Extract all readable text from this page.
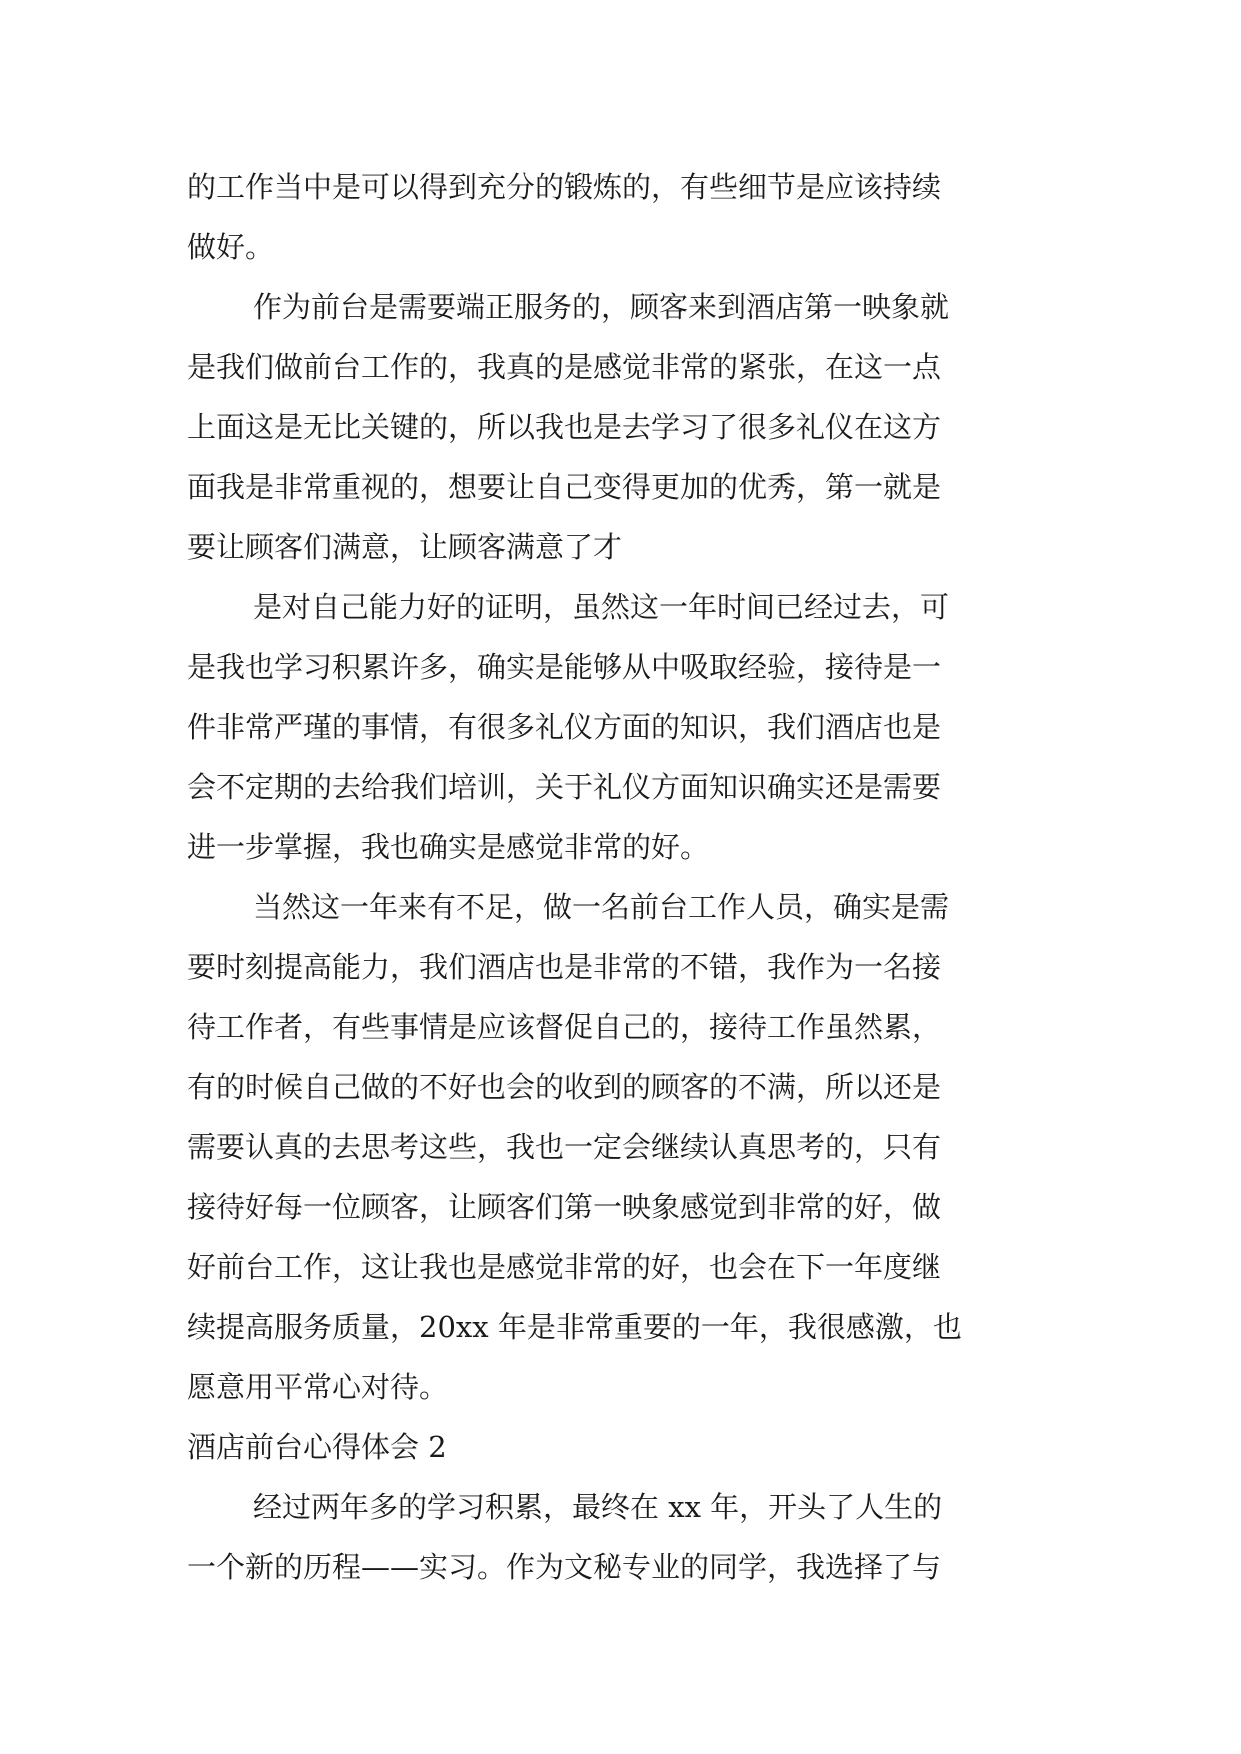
的工作当中是可以得到充分的锻炼的，有些细节是应该持续
做好。
作为前台是需要端正服务的，顾客来到酒店第一映象就
是我们做前台工作的，我真的是感觉非常的紧张，在这一点
上面这是无比关键的，所以我也是去学习了很多礼仪在这方
面我是非常重视的，想要让自己变得更加的优秀，第一就是
要让顾客们满意，让顾客满意了才
是对自己能力好的证明，虽然这一年时间已经过去，可
是我也学习积累许多，确实是能够从中吸取经验，接待是一
件非常严瑾的事情，有很多礼仪方面的知识，我们酒店也是
会不定期的去给我们培训，关于礼仪方面知识确实还是需要
进一步掌握，我也确实是感觉非常的好。
当然这一年来有不足，做一名前台工作人员，确实是需
要时刻提高能力，我们酒店也是非常的不错，我作为一名接
待工作者，有些事情是应该督促自己的，接待工作虽然累，
有的时候自己做的不好也会的收到的顾客的不满，所以还是
需要认真的去思考这些，我也一定会继续认真思考的，只有
接待好每一位顾客，让顾客们第一映象感觉到非常的好，做
好前台工作，这让我也是感觉非常的好，也会在下一年度继
续提高服务质量，20xx 年是非常重要的一年，我很感激，也
愿意用平常心对待。
酒店前台心得体会 2
经过两年多的学习积累，最终在 xx 年，开头了人生的
一个新的历程——实习。作为文秘专业的同学，我选择了与
